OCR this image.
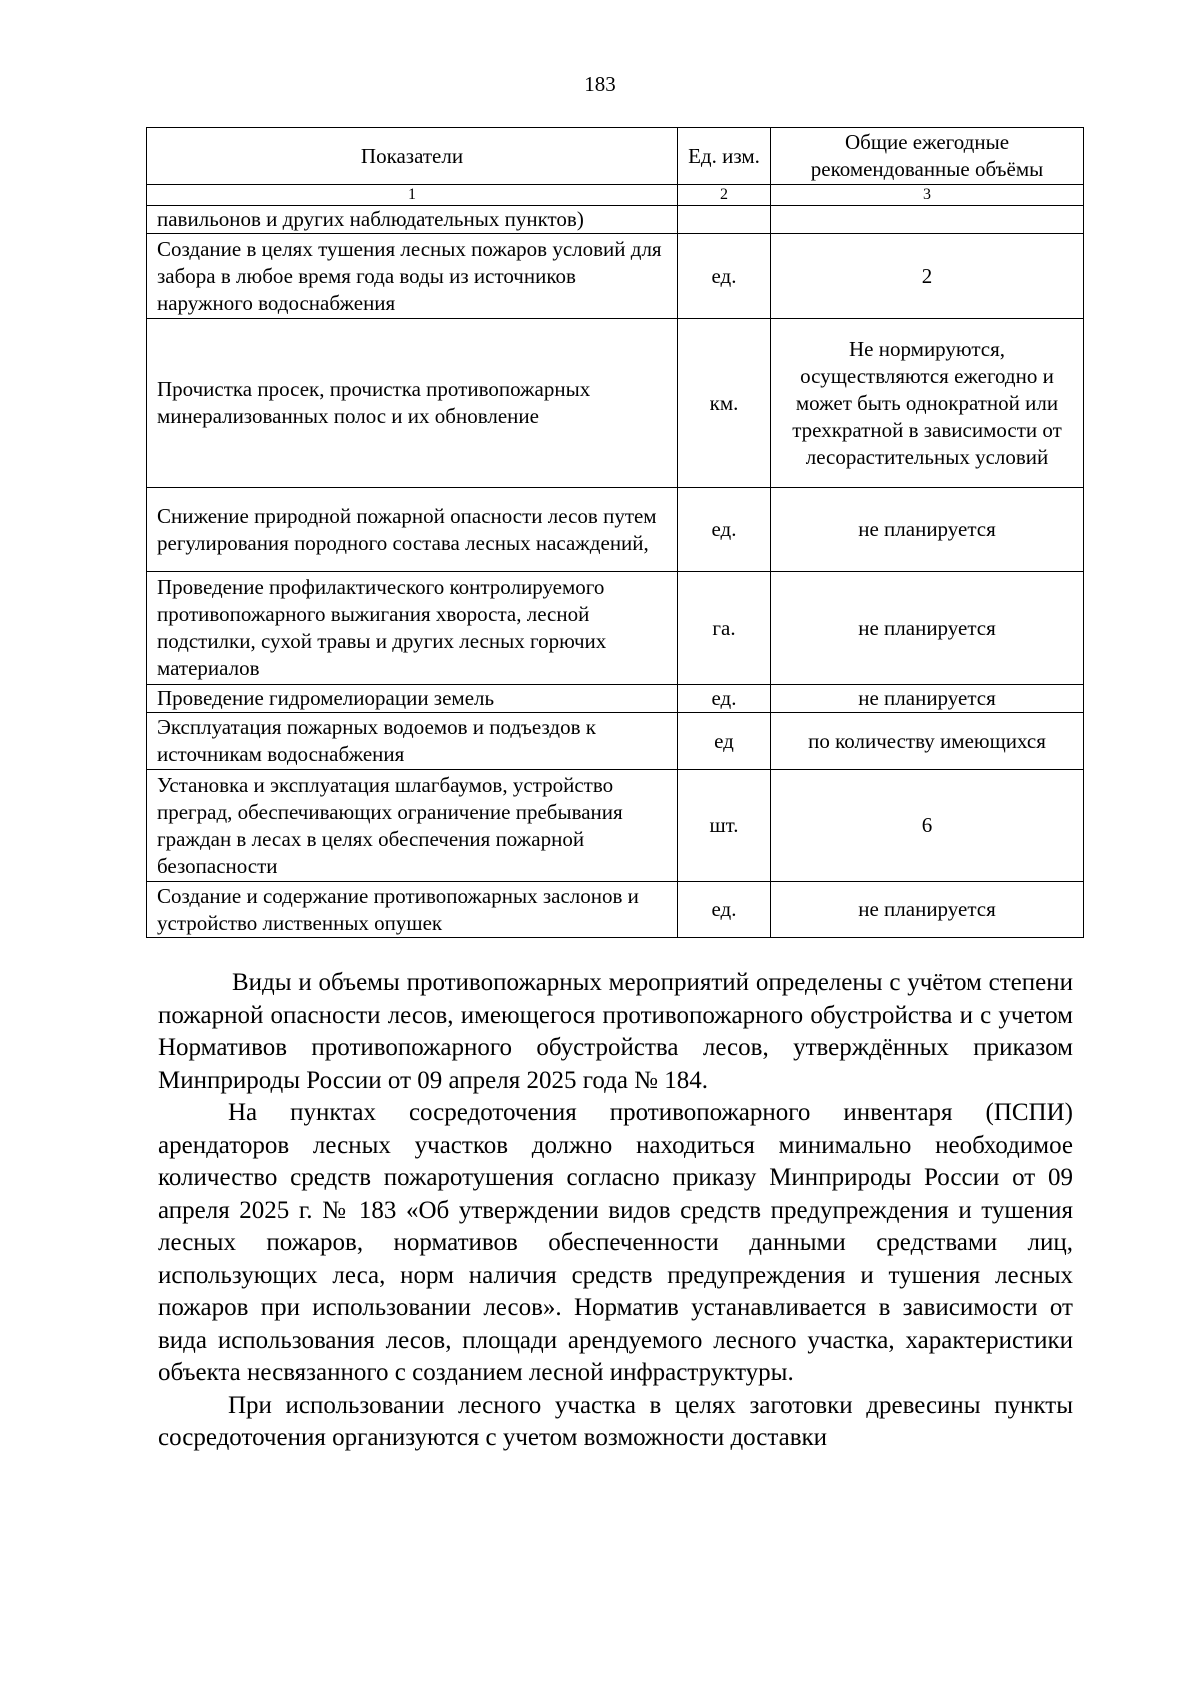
183
Показатели	Ед. изм.	Общие ежегодные рекомендованные объёмы
1	2	3
павильонов и других наблюдательных пунктов)		
Создание в целях тушения лесных пожаров условий для забора в любое время года воды из источников наружного водоснабжения	ед.	2
Прочистка просек, прочистка противопожарных минерализованных полос и их обновление	км.	Не нормируются, осуществляются ежегодно и может быть однократной или трехкратной в зависимости от лесорастительных условий
Снижение природной пожарной опасности лесов путем регулирования породного состава лесных насаждений,	ед.	не планируется
Проведение профилактического контролируемого противопожарного выжигания хвороста, лесной подстилки, сухой травы и других лесных горючих материалов	га.	не планируется
Проведение гидромелиорации земель	ед.	не планируется
Эксплуатация пожарных водоемов и подъездов к источникам водоснабжения	ед	по количеству имеющихся
Установка и эксплуатация шлагбаумов, устройство преград, обеспечивающих ограничение пребывания граждан в лесах в целях обеспечения пожарной безопасности	шт.	6
Создание и содержание противопожарных заслонов и устройство лиственных опушек	ед.	не планируется

Виды и объемы противопожарных мероприятий определены с учётом степени пожарной опасности лесов, имеющегося противопожарного обустройства и с учетом Нормативов противопожарного обустройства лесов, утверждённых приказом Минприроды России от 09 апреля 2025 года № 184.

На пунктах сосредоточения противопожарного инвентаря (ПСПИ) арендаторов лесных участков должно находиться минимально необходимое количество средств пожаротушения согласно приказу Минприроды России от 09 апреля 2025 г. № 183 «Об утверждении видов средств предупреждения и тушения лесных пожаров, нормативов обеспеченности данными средствами лиц, использующих леса, норм наличия средств предупреждения и тушения лесных пожаров при использовании лесов». Норматив устанавливается в зависимости от вида использования лесов, площади арендуемого лесного участка, характеристики объекта несвязанного с созданием лесной инфраструктуры.

При использовании лесного участка в целях заготовки древесины пункты сосредоточения организуются с учетом возможности доставки
